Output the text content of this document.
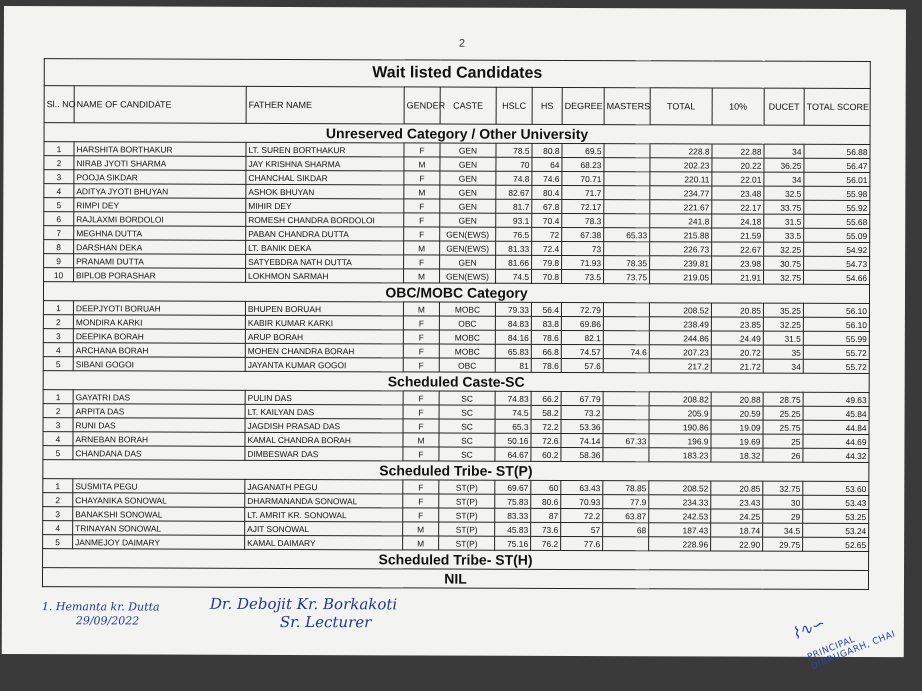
2
Wait listed Candidates												
Sl.. NO	NAME OF CANDIDATE	FATHER NAME	GENDER	CASTE	HSLC	HS	DEGREE	MASTERS	TOTAL	10%	DUCET	TOTAL SCORE
Unreserved Category / Other University												
1	HARSHITA BORTHAKUR	LT. SUREN BORTHAKUR	F	GEN	78.5	80.8	69.5		228.8	22.88	34	56.88
2	NIRAB JYOTI SHARMA	JAY KRISHNA SHARMA	M	GEN	70	64	68.23		202.23	20.22	36.25	56.47
3	POOJA SIKDAR	CHANCHAL SIKDAR	F	GEN	74.8	74.6	70.71		220.11	22.01	34	56.01
4	ADITYA JYOTI BHUYAN	ASHOK BHUYAN	M	GEN	82.67	80.4	71.7		234.77	23.48	32.5	55.98
5	RIMPI DEY	MIHIR DEY	F	GEN	81.7	67.8	72.17		221.67	22.17	33.75	55.92
6	RAJLAXMI BORDOLOI	ROMESH CHANDRA BORDOLOI	F	GEN	93.1	70.4	78.3		241.8	24.18	31.5	55.68
7	MEGHNA DUTTA	PABAN CHANDRA DUTTA	F	GEN(EWS)	76.5	72	67.38	65.33	215.88	21.59	33.5	55.09
8	DARSHAN DEKA	LT. BANIK DEKA	M	GEN(EWS)	81.33	72.4	73		226.73	22.67	32.25	54.92
9	PRANAMI DUTTA	SATYEBDRA NATH DUTTA	F	GEN	81.66	79.8	71.93	78.35	239.81	23.98	30.75	54.73
10	BIPLOB PORASHAR	LOKHMON SARMAH	M	GEN(EWS)	74.5	70.8	73.5	73.75	219.05	21.91	32.75	54.66
OBC/MOBC Category												
1	DEEPJYOTI BORUAH	BHUPEN BORUAH	M	MOBC	79.33	56.4	72.79		208.52	20.85	35.25	56.10
2	MONDIRA KARKI	KABIR KUMAR KARKI	F	OBC	84.83	83.8	69.86		238.49	23.85	32.25	56.10
3	DEEPIKA BORAH	ARUP BORAH	F	MOBC	84.16	78.6	82.1		244.86	24.49	31.5	55.99
4	ARCHANA BORAH	MOHEN CHANDRA BORAH	F	MOBC	65.83	66.8	74.57	74.6	207.23	20.72	35	55.72
5	SIBANI GOGOI	JAYANTA KUMAR GOGOI	F	OBC	81	78.6	57.6		217.2	21.72	34	55.72
Scheduled Caste-SC												
1	GAYATRI DAS	PULIN DAS	F	SC	74.83	66.2	67.79		208.82	20.88	28.75	49.63
2	ARPITA DAS	LT. KAILYAN DAS	F	SC	74.5	58.2	73.2		205.9	20.59	25.25	45.84
3	RUNI DAS	JAGDISH PRASAD DAS	F	SC	65.3	72.2	53.36		190.86	19.09	25.75	44.84
4	ARNEBAN BORAH	KAMAL CHANDRA BORAH	M	SC	50.16	72.6	74.14	67.33	196.9	19.69	25	44.69
5	CHANDANA DAS	DIMBESWAR DAS	F	SC	64.67	60.2	58.36		183.23	18.32	26	44.32
Scheduled Tribe- ST(P)												
1	SUSMITA PEGU	JAGANATH PEGU	F	ST(P)	69.67	60	63.43	78.85	208.52	20.85	32.75	53.60
2	CHAYANIKA SONOWAL	DHARMANANDA SONOWAL	F	ST(P)	75.83	80.6	70.93	77.9	234.33	23.43	30	53.43
3	BANAKSHI SONOWAL	LT. AMRIT KR. SONOWAL	F	ST(P)	83.33	87	72.2	63.87	242.53	24.25	29	53.25
4	TRINAYAN SONOWAL	AJIT SONOWAL	M	ST(P)	45.83	73.6	57	68	187.43	18.74	34.5	53.24
5	JANMEJOY DAIMARY	KAMAL DAIMARY	M	ST(P)	75.16	76.2	77.6		228.96	22.90	29.75	52.65
Scheduled Tribe- ST(H)												
NIL												
1. Hemanta kr. Dutta
29/09/2022
Dr. Debojit Kr. Borkakoti
Sr. Lecturer	⌇∿∽
PRINCIPAL DIBRUGARH, CHAI
